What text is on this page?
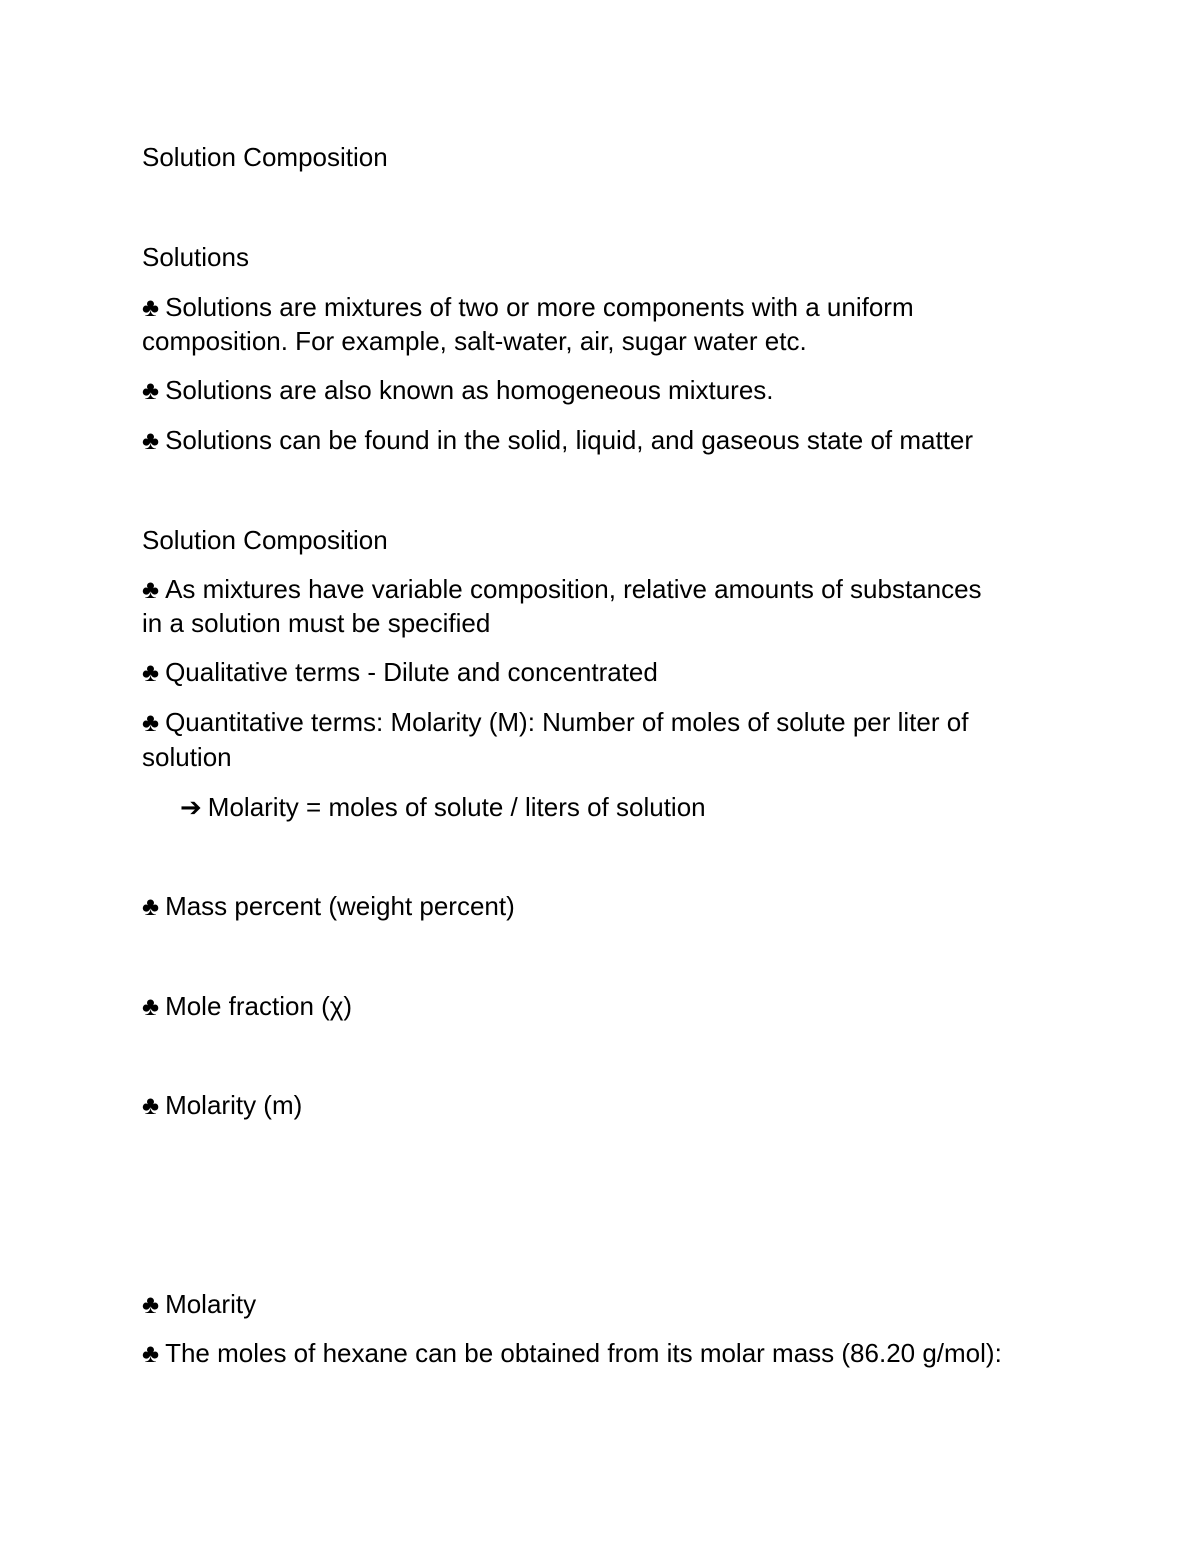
Solution Composition
Solutions
♣ Solutions are mixtures of two or more components with a uniform
composition. For example, salt-water, air, sugar water etc.
♣ Solutions are also known as homogeneous mixtures.
♣ Solutions can be found in the solid, liquid, and gaseous state of matter
Solution Composition
♣ As mixtures have variable composition, relative amounts of substances
in a solution must be specified
♣ Qualitative terms - Dilute and concentrated
♣ Quantitative terms: Molarity (M): Number of moles of solute per liter of
solution
➔ Molarity = moles of solute / liters of solution
♣ Mass percent (weight percent)
♣ Mole fraction (χ)
♣ Molarity (m)
♣ Molarity
♣ The moles of hexane can be obtained from its molar mass (86.20 g/mol):
